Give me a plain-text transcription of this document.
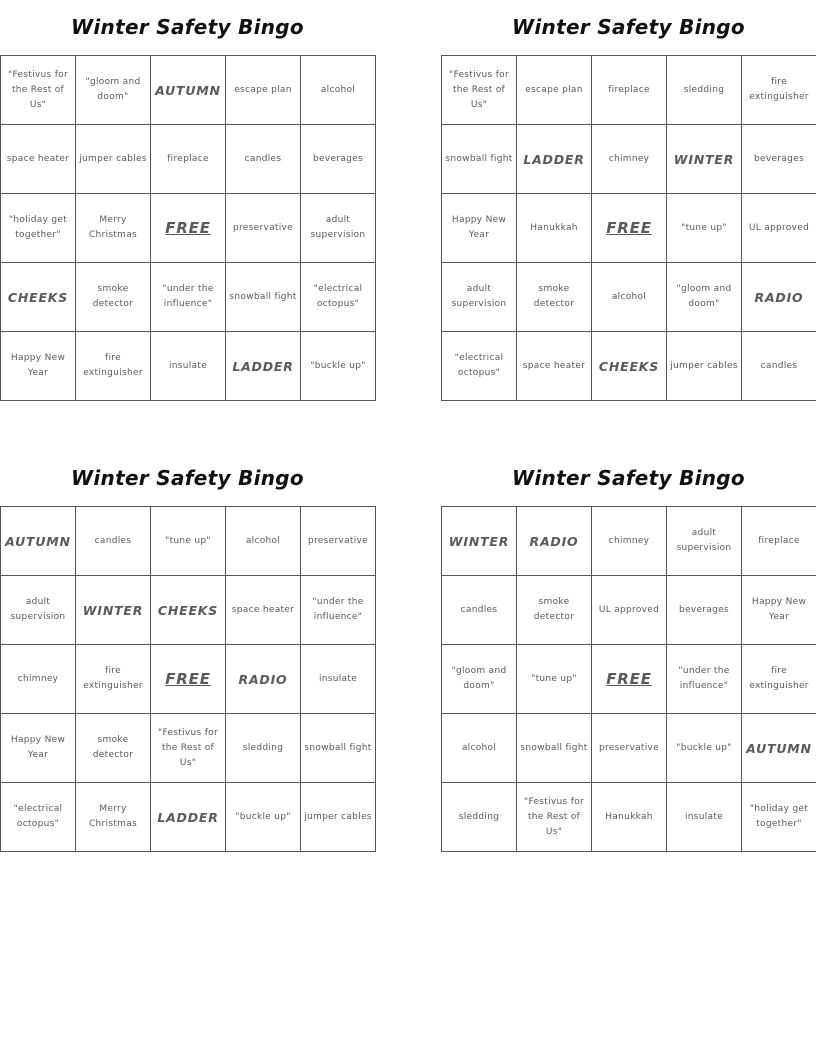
Winter Safety Bingo
"Festivus for the Rest of Us"	"gloom and doom"	AUTUMN	escape plan	alcohol
space heater	jumper cables	fireplace	candles	beverages
"holiday get together"	Merry Christmas	FREE	preservative	adult supervision
CHEEKS	smoke detector	"under the influence"	snowball fight	"electrical octopus"
Happy New Year	fire extinguisher	insulate	LADDER	"buckle up"
Winter Safety Bingo
"Festivus for the Rest of Us"	escape plan	fireplace	sledding	fire extinguisher
snowball fight	LADDER	chimney	WINTER	beverages
Happy New Year	Hanukkah	FREE	"tune up"	UL approved
adult supervision	smoke detector	alcohol	"gloom and doom"	RADIO
"electrical octopus"	space heater	CHEEKS	jumper cables	candles
Winter Safety Bingo
AUTUMN	candles	"tune up"	alcohol	preservative
adult supervision	WINTER	CHEEKS	space heater	"under the influence"
chimney	fire extinguisher	FREE	RADIO	insulate
Happy New Year	smoke detector	"Festivus for the Rest of Us"	sledding	snowball fight
"electrical octopus"	Merry Christmas	LADDER	"buckle up"	jumper cables
Winter Safety Bingo
WINTER	RADIO	chimney	adult supervision	fireplace
candles	smoke detector	UL approved	beverages	Happy New Year
"gloom and doom"	"tune up"	FREE	"under the influence"	fire extinguisher
alcohol	snowball fight	preservative	"buckle up"	AUTUMN
sledding	"Festivus for the Rest of Us"	Hanukkah	insulate	"holiday get together"
